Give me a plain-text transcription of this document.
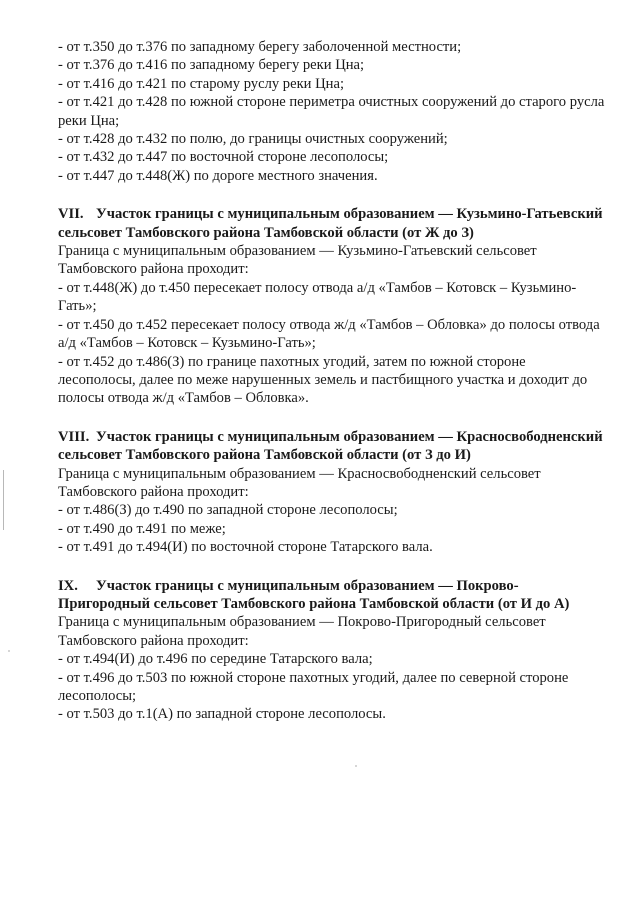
- от т.350 до т.376 по западному берегу заболоченной местности;
- от т.376 до т.416 по западному берегу реки Цна;
- от т.416 до т.421 по старому руслу реки Цна;
- от т.421 до т.428 по южной стороне периметра очистных сооружений до старого русла реки Цна;
- от т.428 до т.432 по полю, до границы очистных сооружений;
- от т.432 до т.447 по восточной стороне лесополосы;
- от т.447 до т.448(Ж) по дороге местного значения.
VII. Участок границы с муниципальным образованием — Кузьмино-Гатьевский сельсовет Тамбовского района Тамбовской области (от Ж до З)
Граница с муниципальным образованием — Кузьмино-Гатьевский сельсовет Тамбовского района проходит:
- от т.448(Ж) до т.450 пересекает полосу отвода а/д «Тамбов – Котовск – Кузьмино-Гать»;
- от т.450 до т.452 пересекает полосу отвода ж/д «Тамбов – Обловка» до полосы отвода а/д «Тамбов – Котовск – Кузьмино-Гать»;
- от т.452 до т.486(З) по границе пахотных угодий, затем по южной стороне лесополосы, далее по меже нарушенных земель и пастбищного участка и доходит до полосы отвода ж/д «Тамбов – Обловка».
VIII. Участок границы с муниципальным образованием — Красносвободненский сельсовет Тамбовского района Тамбовской области (от З до И)
Граница с муниципальным образованием — Красносвободненский сельсовет Тамбовского района проходит:
- от т.486(З) до т.490 по западной стороне лесополосы;
- от т.490 до т.491 по меже;
- от т.491 до т.494(И) по восточной стороне Татарского вала.
IX. Участок границы с муниципальным образованием — Покрово-Пригородный сельсовет Тамбовского района Тамбовской области (от И до А)
Граница с муниципальным образованием — Покрово-Пригородный сельсовет Тамбовского района проходит:
- от т.494(И) до т.496 по середине Татарского вала;
- от т.496 до т.503 по южной стороне пахотных угодий, далее по северной стороне лесополосы;
- от т.503 до т.1(А) по западной стороне лесополосы.
